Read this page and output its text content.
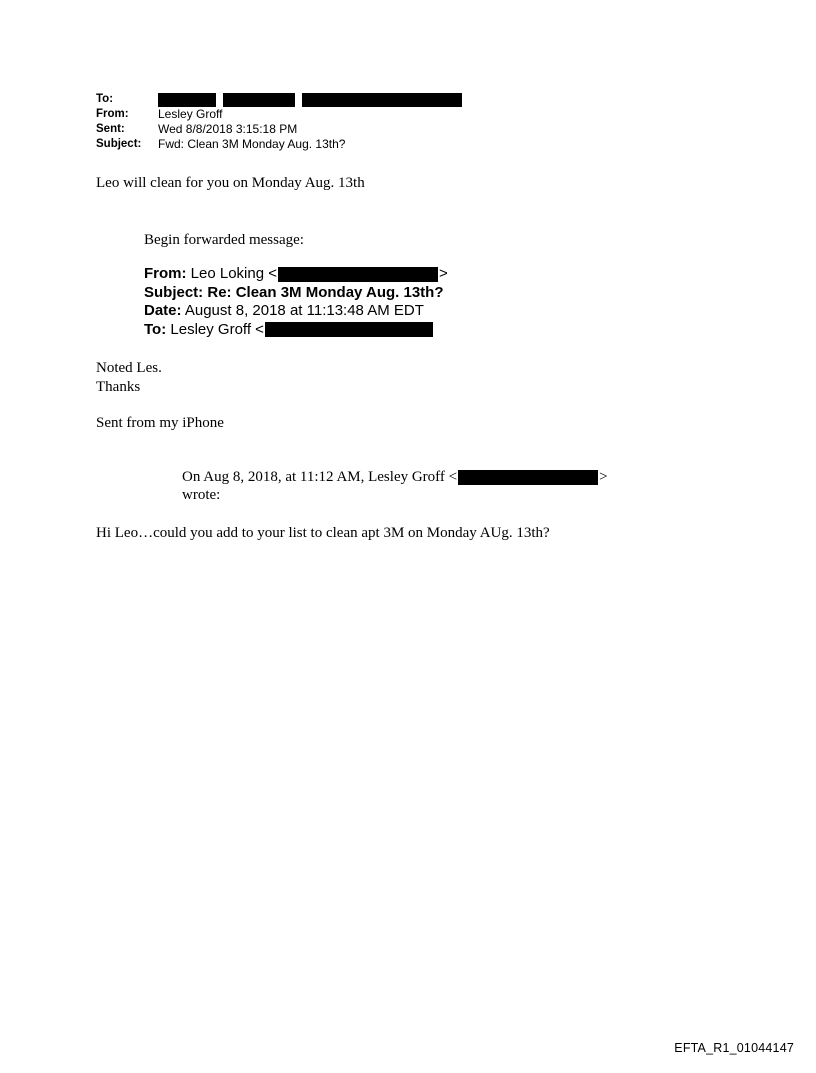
To:
From:	Lesley Groff
Sent:	Wed 8/8/2018 3:15:18 PM
Subject:	Fwd: Clean 3M Monday Aug. 13th?
Leo will clean for you on Monday Aug. 13th
Begin forwarded message:
From: Leo Loking <	>
Subject: Re: Clean 3M Monday Aug. 13th?
Date: August 8, 2018 at 11:13:48 AM EDT
To: Lesley Groff <
Noted Les.
Thanks
Sent from my iPhone
On Aug 8, 2018, at 11:12 AM, Lesley Groff <	>
wrote:
Hi Leo…could you add to your list to clean apt 3M on Monday AUg. 13th?
EFTA_R1_01044147
